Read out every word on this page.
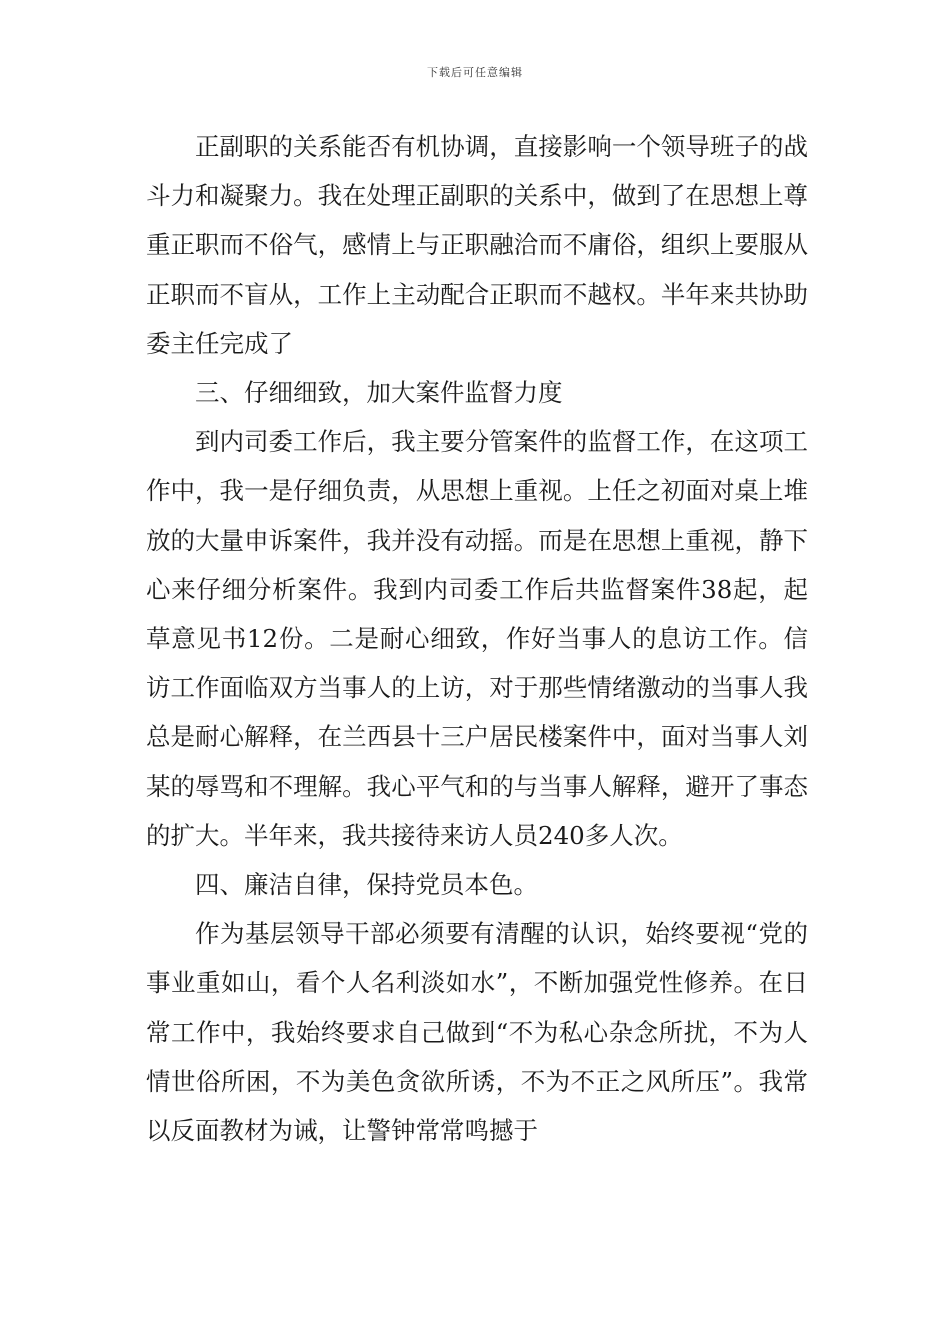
下载后可任意编辑

正副职的关系能否有机协调，直接影响一个领导班子的战斗力和凝聚力。我在处理正副职的关系中，做到了在思想上尊重正职而不俗气，感情上与正职融洽而不庸俗，组织上要服从正职而不盲从，工作上主动配合正职而不越权。半年来共协助委主任完成了

三、仔细细致，加大案件监督力度

到内司委工作后，我主要分管案件的监督工作，在这项工作中，我一是仔细负责，从思想上重视。上任之初面对桌上堆放的大量申诉案件，我并没有动摇。而是在思想上重视，静下心来仔细分析案件。我到内司委工作后共监督案件38起，起草意见书12份。二是耐心细致，作好当事人的息访工作。信访工作面临双方当事人的上访，对于那些情绪激动的当事人我总是耐心解释，在兰西县十三户居民楼案件中，面对当事人刘某的辱骂和不理解。我心平气和的与当事人解释，避开了事态的扩大。半年来，我共接待来访人员240多人次。

四、廉洁自律，保持党员本色。

作为基层领导干部必须要有清醒的认识，始终要视“党的事业重如山，看个人名利淡如水”，不断加强党性修养。在日常工作中，我始终要求自己做到“不为私心杂念所扰，不为人情世俗所困，不为美色贪欲所诱，不为不正之风所压”。我常以反面教材为诫，让警钟常常鸣撼于
